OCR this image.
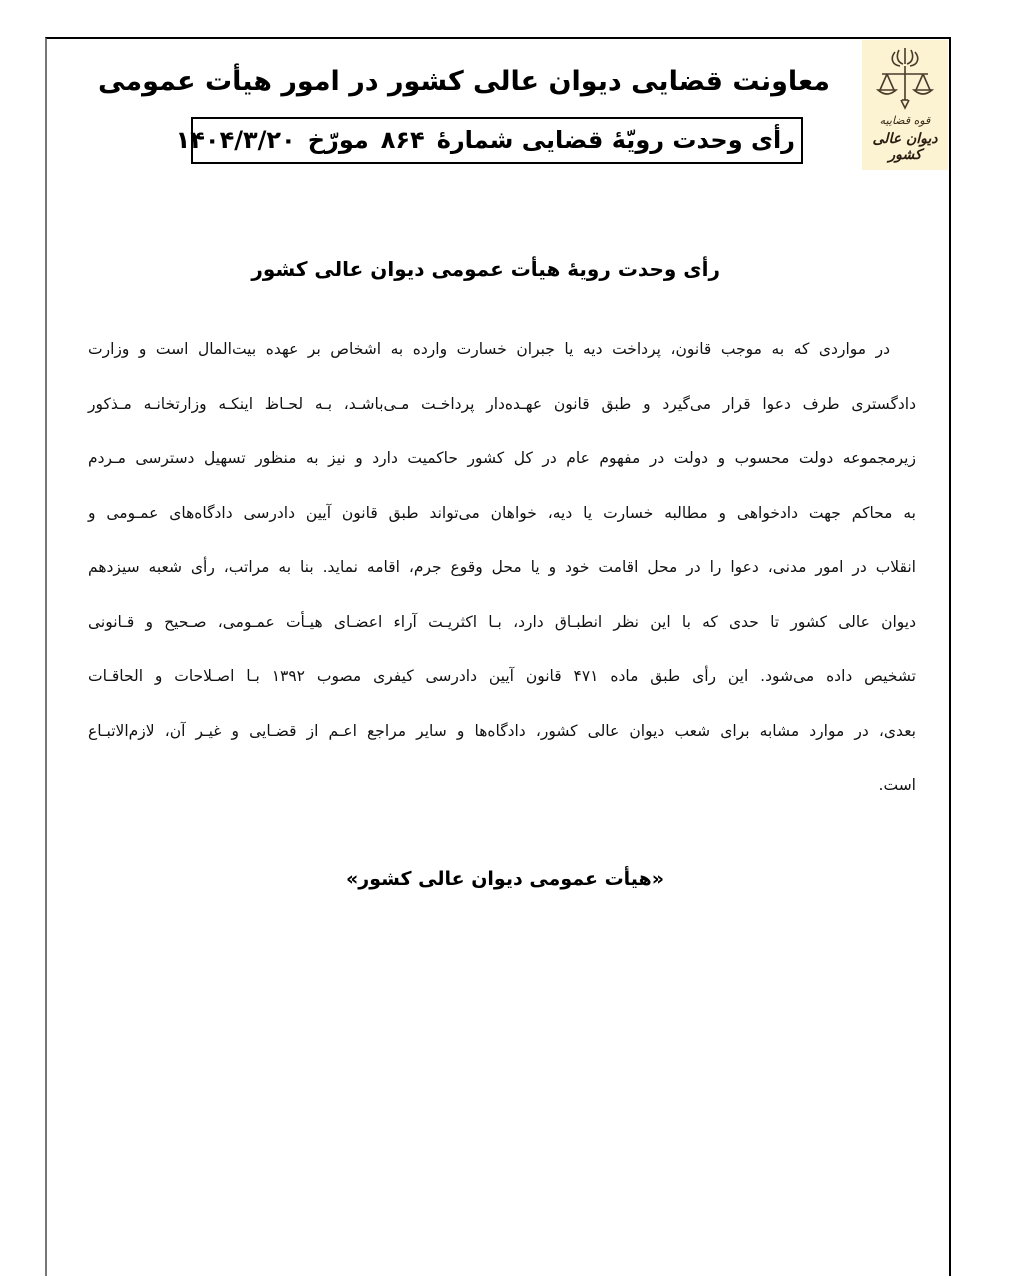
قوه قضاییه
دیوان عالی کشور
معاونت قضایی دیوان عالی کشور در امور هیأت عمومی
رأی وحدت رویّهٔ قضایی شمارهٔ۸۶۴مورّخ۱۴۰۴/۳/۲۰
رأی وحدت رویهٔ هیأت عمومی دیوان عالی کشور
در مواردی که به موجب قانون، پرداخت دیه یا جبران خسارت وارده به اشخاص بر عهده بیت‌المال است و وزارت
دادگستری طرف دعوا قرار می‌گیرد و طبق قانون عهـده‌دار پرداخـت مـی‌باشـد، بـه لحـاظ اینکـه وزارتخانـه مـذکور
زیرمجموعه دولت محسوب و دولت در مفهوم عام در کل کشور حاکمیت دارد و نیز به منظور تسهیل دسترسی مـردم
به محاکم جهت دادخواهی و مطالبه خسارت یا دیه، خواهان می‌تواند طبق قانون آیین دادرسی دادگاه‌های عمـومی و
انقلاب در امور مدنی، دعوا را در محل اقامت خود و یا محل وقوع جرم، اقامه نماید. بنا به مراتب، رأی شعبه سیزدهم
دیوان عالی کشور تا حدی که با این نظر انطبـاق دارد، بـا اکثریـت آراء اعضـای هیـأت عمـومی، صـحیح و قـانونی
تشخیص داده می‌شود. این رأی طبق ماده ۴۷۱ قانون آیین دادرسی کیفری مصوب ۱۳۹۲ بـا اصـلاحات و الحاقـات
بعدی، در موارد مشابه برای شعب دیوان عالی کشور، دادگاه‌ها و سایر مراجع اعـم از قضـایی و غیـر آن، لازم‌الاتبـاع
است.
«هیأت عمومی دیوان عالی کشور»
